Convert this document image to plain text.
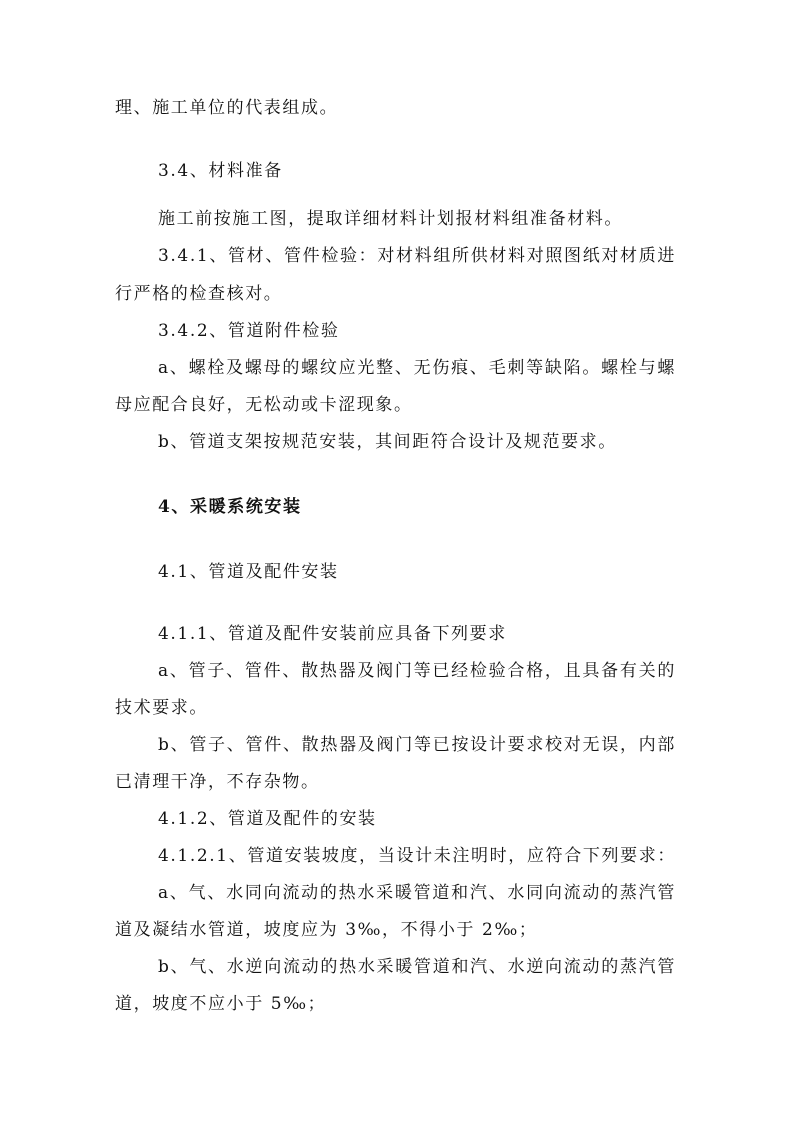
理、施工单位的代表组成。
3.4、材料准备
施工前按施工图，提取详细材料计划报材料组准备材料。
3.4.1、管材、管件检验：对材料组所供材料对照图纸对材质进
行严格的检查核对。
3.4.2、管道附件检验
a、螺栓及螺母的螺纹应光整、无伤痕、毛刺等缺陷。螺栓与螺
母应配合良好，无松动或卡涩现象。
b、管道支架按规范安装，其间距符合设计及规范要求。
4、采暖系统安装
4.1、管道及配件安装
4.1.1、管道及配件安装前应具备下列要求
a、管子、管件、散热器及阀门等已经检验合格，且具备有关的
技术要求。
b、管子、管件、散热器及阀门等已按设计要求校对无误，内部
已清理干净，不存杂物。
4.1.2、管道及配件的安装
4.1.2.1、管道安装坡度，当设计未注明时，应符合下列要求：
a、气、水同向流动的热水采暖管道和汽、水同向流动的蒸汽管
道及凝结水管道，坡度应为 3‰，不得小于 2‰；
b、气、水逆向流动的热水采暖管道和汽、水逆向流动的蒸汽管
道，坡度不应小于 5‰；
